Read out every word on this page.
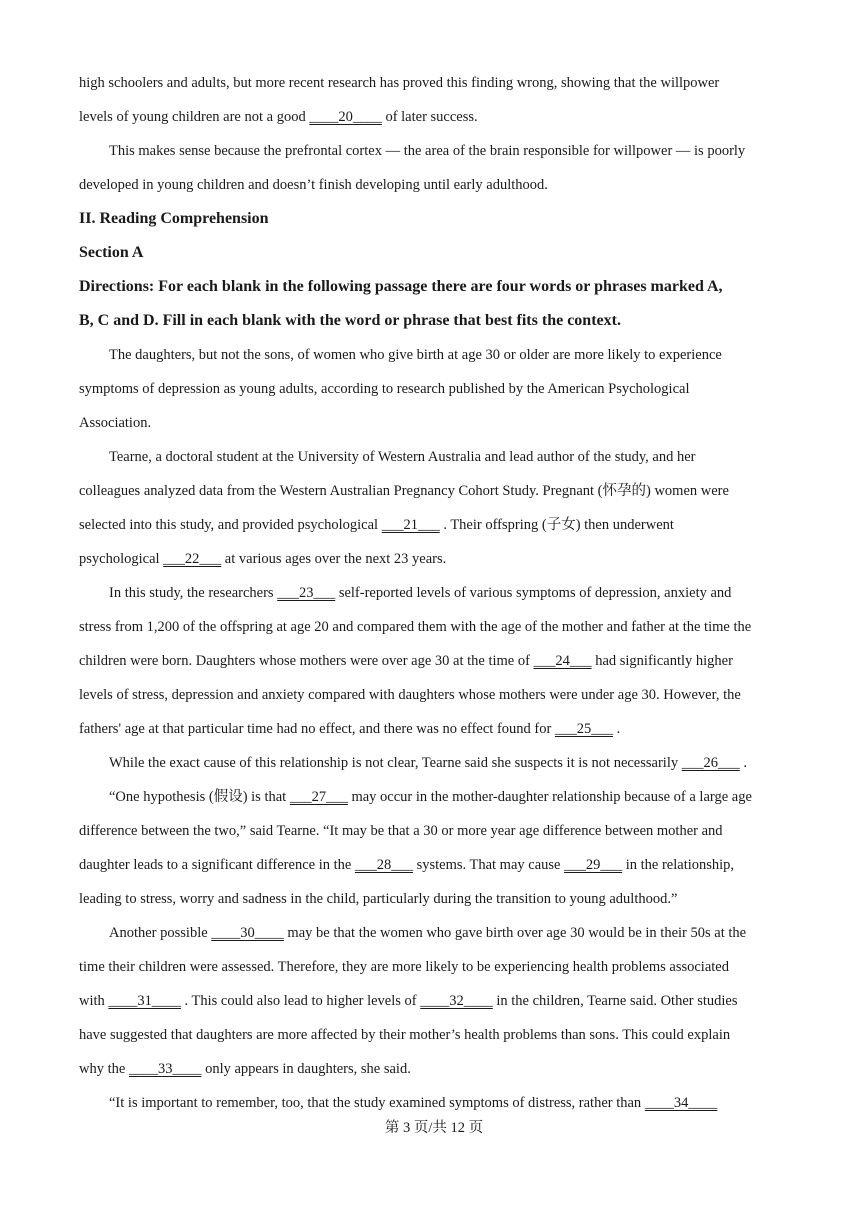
high schoolers and adults, but more recent research has proved this finding wrong, showing that the willpower
levels of young children are not a good ____20____ of later success.
This makes sense because the prefrontal cortex — the area of the brain responsible for willpower — is poorly
developed in young children and doesn’t finish developing until early adulthood.
II. Reading Comprehension
Section A
Directions: For each blank in the following passage there are four words or phrases marked A,
B, C and D. Fill in each blank with the word or phrase that best fits the context.
The daughters, but not the sons, of women who give birth at age 30 or older are more likely to experience
symptoms of depression as young adults, according to research published by the American Psychological
Association.
Tearne, a doctoral student at the University of Western Australia and lead author of the study, and her
colleagues analyzed data from the Western Australian Pregnancy Cohort Study. Pregnant (怀孕的) women were
selected into this study, and provided psychological ___21___ . Their offspring (子女) then underwent
psychological ___22___ at various ages over the next 23 years.
In this study, the researchers ___23___ self-reported levels of various symptoms of depression, anxiety and
stress from 1,200 of the offspring at age 20 and compared them with the age of the mother and father at the time the
children were born. Daughters whose mothers were over age 30 at the time of ___24___ had significantly higher
levels of stress, depression and anxiety compared with daughters whose mothers were under age 30. However, the
fathers' age at that particular time had no effect, and there was no effect found for ___25___ .
While the exact cause of this relationship is not clear, Tearne said she suspects it is not necessarily ___26___ .
“One hypothesis (假设) is that ___27___ may occur in the mother-daughter relationship because of a large age
difference between the two,” said Tearne. “It may be that a 30 or more year age difference between mother and
daughter leads to a significant difference in the ___28___ systems. That may cause ___29___ in the relationship,
leading to stress, worry and sadness in the child, particularly during the transition to young adulthood.”
Another possible ____30____ may be that the women who gave birth over age 30 would be in their 50s at the
time their children were assessed. Therefore, they are more likely to be experiencing health problems associated
with ____31____ . This could also lead to higher levels of ____32____ in the children, Tearne said. Other studies
have suggested that daughters are more affected by their mother’s health problems than sons. This could explain
why the ____33____ only appears in daughters, she said.
“It is important to remember, too, that the study examined symptoms of distress, rather than ____34____
第 3 页/共 12 页
